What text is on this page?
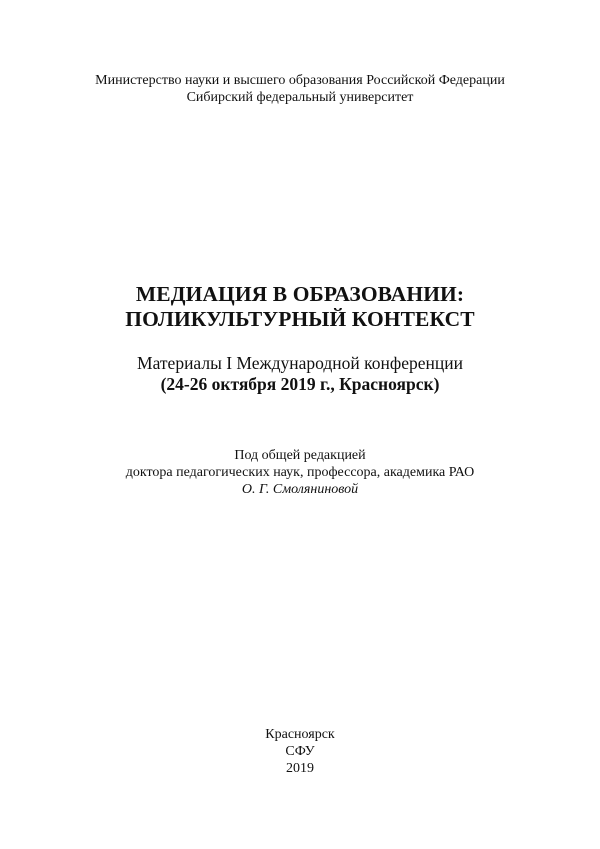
Министерство науки и высшего образования Российской Федерации
Сибирский федеральный университет
МЕДИАЦИЯ В ОБРАЗОВАНИИ:
ПОЛИКУЛЬТУРНЫЙ КОНТЕКСТ
Материалы I Международной конференции
(24-26 октября 2019 г., Красноярск)
Под общей редакцией
доктора педагогических наук, профессора, академика РАО
О. Г. Смоляниновой
Красноярск
СФУ
2019
